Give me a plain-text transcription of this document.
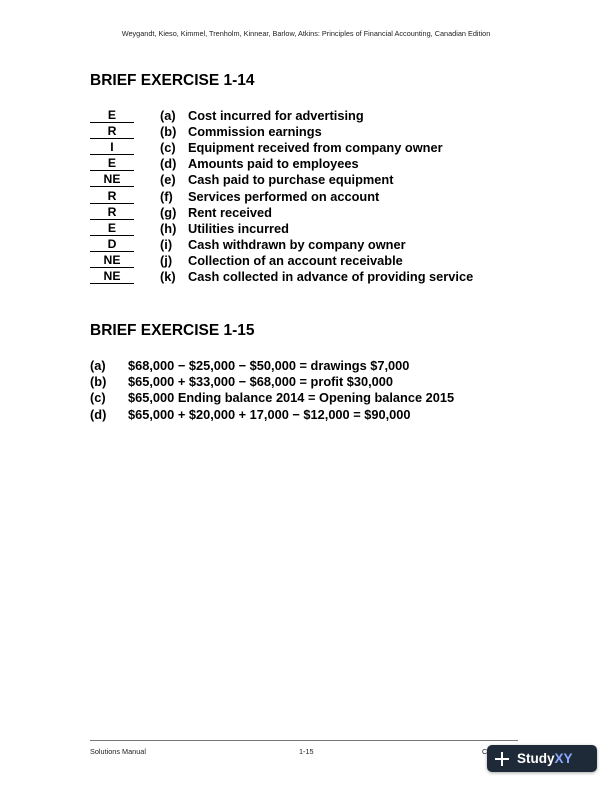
Weygandt, Kieso, Kimmel, Trenholm, Kinnear, Barlow, Atkins: Principles of Financial Accounting, Canadian Edition
BRIEF EXERCISE 1-14
E	(a) Cost incurred for advertising
R	(b) Commission earnings
I	(c) Equipment received from company owner
E	(d) Amounts paid to employees
NE	(e) Cash paid to purchase equipment
R	(f)	Services performed on account
R	(g) Rent received
E	(h) Utilities incurred
D	(i)	Cash withdrawn by company owner
NE	(j)	Collection of an account receivable
NE	(k) Cash collected in advance of providing service
BRIEF EXERCISE 1-15
(a)	$68,000 − $25,000 − $50,000 = drawings $7,000
(b)	$65,000 + $33,000 − $68,000 = profit $30,000
(c)	$65,000 Ending balance 2014 = Opening balance 2015
(d)	$65,000 + $20,000 + 17,000 − $12,000 = $90,000
Solutions Manual	1-15	C StudyXY
